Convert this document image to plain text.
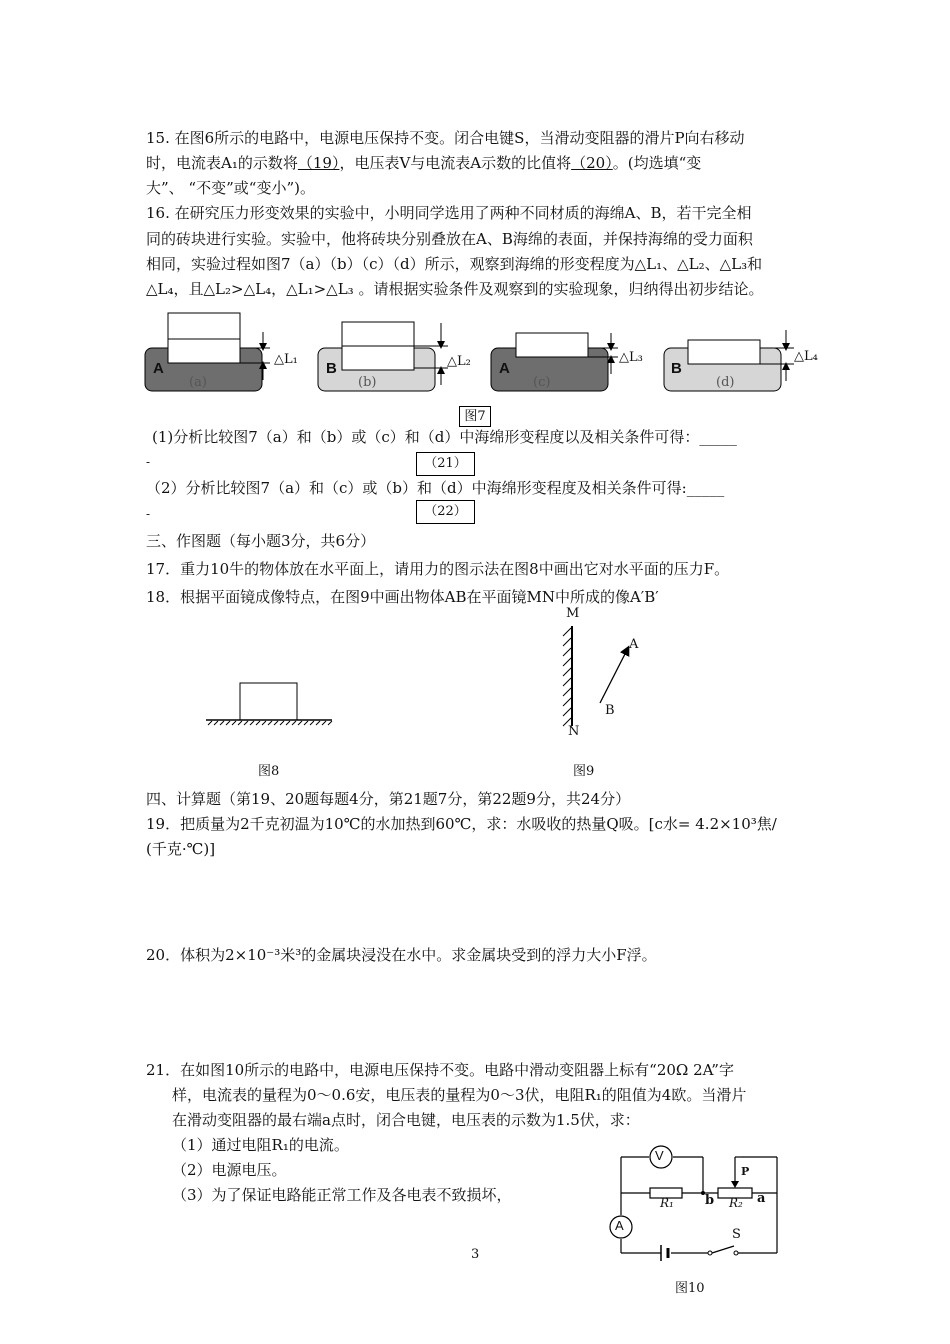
15. 在图6所示的电路中，电源电压保持不变。闭合电键S，当滑动变阻器的滑片P向右移动
时，电流表A₁的示数将（19），电压表V与电流表A示数的比值将（20）。(均选填“变
大”、 “不变”或“变小”)。
16. 在研究压力形变效果的实验中，小明同学选用了两种不同材质的海绵A、B，若干完全相
同的砖块进行实验。实验中，他将砖块分别叠放在A、B海绵的表面，并保持海绵的受力面积
相同，实验过程如图7（a）（b）（c）（d）所示，观察到海绵的形变程度为△L₁、△L₂、△L₃和
△L₄，且△L₂>△L₄，△L₁>△L₃ 。请根据实验条件及观察到的实验现象，归纳得出初步结论。
A
(a)
△L₁
B
(b)
△L₂ A
(c)
△L₃
B
(d)
△L₄
图7
(1)分析比较图7（a）和（b）或（c）和（d）中海绵形变程度以及相关条件可得：_____
-	（21）
（2）分析比较图7（a）和（c）或（b）和（d）中海绵形变程度及相关条件可得:_____
-	（22）
三、作图题（每小题3分，共6分）
17．重力10牛的物体放在水平面上，请用力的图示法在图8中画出它对水平面的压力F。
18．根据平面镜成像特点，在图9中画出物体AB在平面镜MN中所成的像A′B′
图8
M
N
A
B
图9
四、计算题（第19、20题每题4分，第21题7分，第22题9分，共24分）
19．把质量为2千克初温为10℃的水加热到60℃，求：水吸收的热量Q吸。[c水= 4.2×10³焦/
(千克·℃)]
20．体积为2×10⁻³米³的金属块浸没在水中。求金属块受到的浮力大小F浮。
21．在如图10所示的电路中，电源电压保持不变。电路中滑动变阻器上标有“20Ω 2A”字
样，电流表的量程为0～0.6安，电压表的量程为0～3伏，电阻R₁的阻值为4欧。当滑片
在滑动变阻器的最右端a点时，闭合电键，电压表的示数为1.5伏，求：
（1）通过电阻R₁的电流。
（2）电源电压。
（3）为了保证电路能正常工作及各电表不致损坏，
V
A
P
R₁	R₂
b	a
S
图10
3
